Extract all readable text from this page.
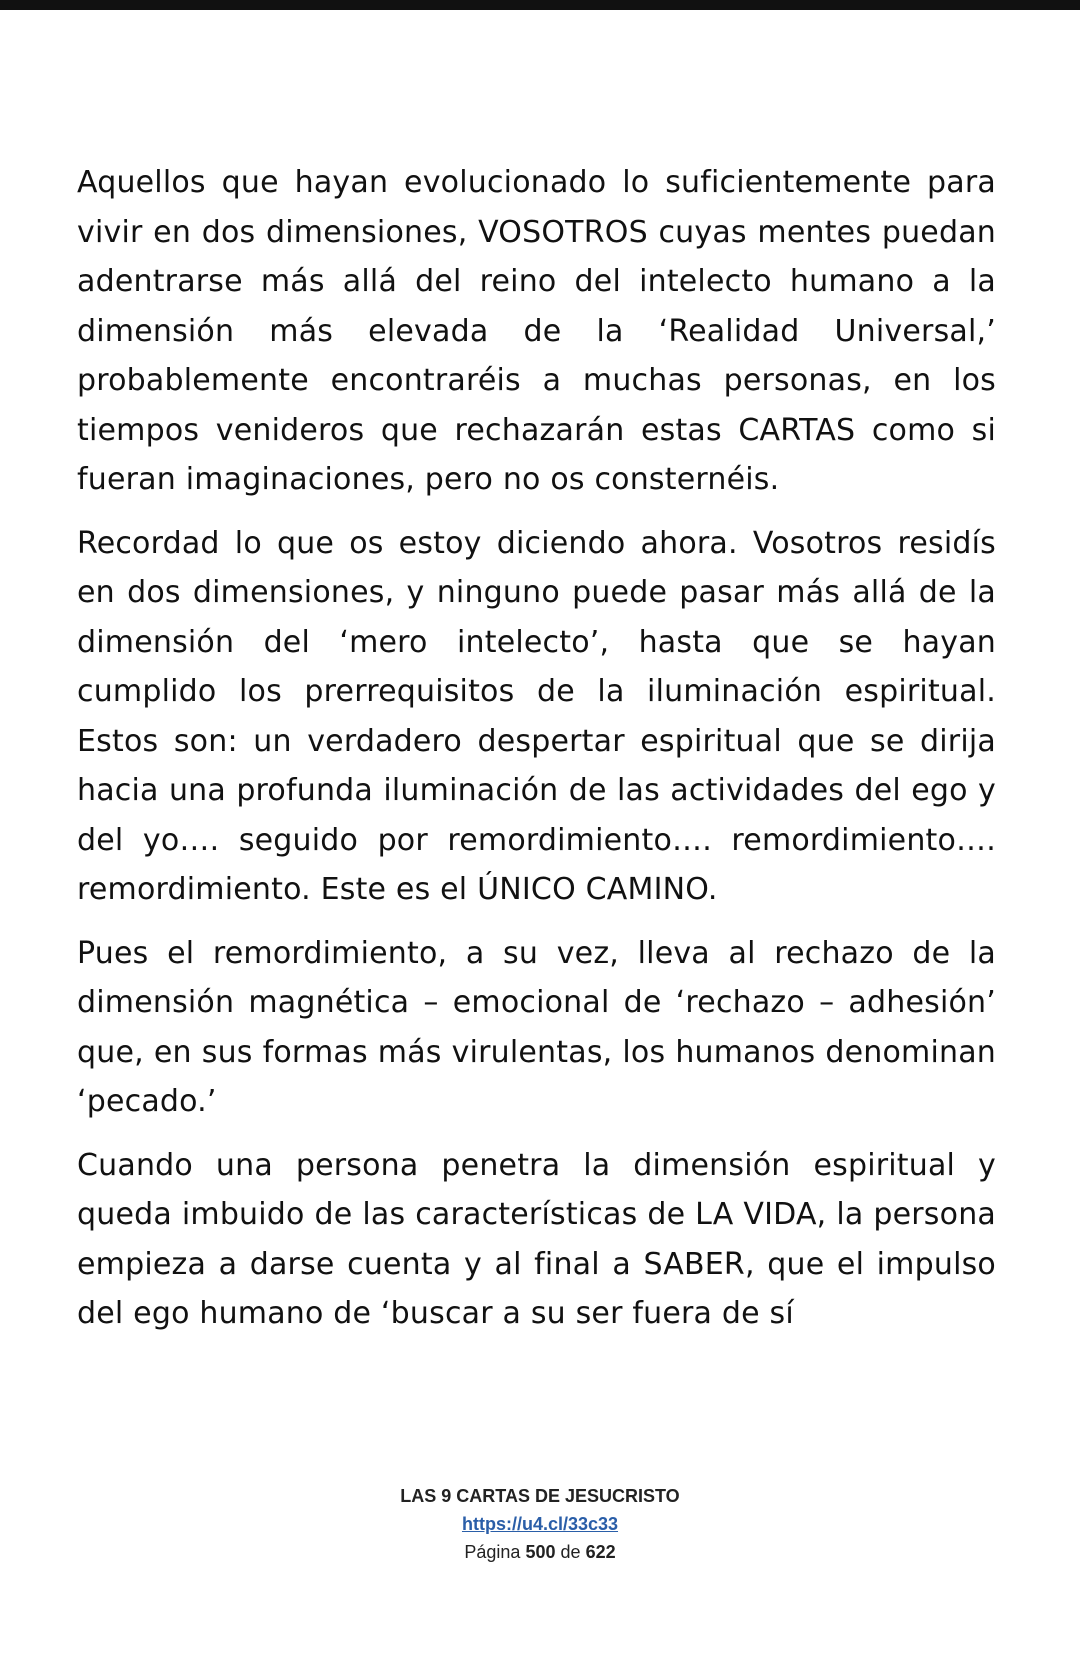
Aquellos que hayan evolucionado lo suficientemente para vivir en dos dimensiones, VOSOTROS cuyas mentes puedan adentrarse más allá del reino del intelecto humano a la dimensión más elevada de la ‘Realidad Universal,’ probablemente encontraréis a muchas personas, en los tiempos venideros que rechazarán estas CARTAS como si fueran imaginaciones, pero no os consternéis.

Recordad lo que os estoy diciendo ahora. Vosotros residís en dos dimensiones, y ninguno puede pasar más allá de la dimensión del ‘mero intelecto’, hasta que se hayan cumplido los prerrequisitos de la iluminación espiritual. Estos son: un verdadero despertar espiritual que se dirija hacia una profunda iluminación de las actividades del ego y del yo…. seguido por remordimiento…. remordimiento…. remordimiento. Este es el ÚNICO CAMINO.

Pues el remordimiento, a su vez, lleva al rechazo de la dimensión magnética – emocional de ‘rechazo – adhesión’ que, en sus formas más virulentas, los humanos denominan ‘pecado.’

Cuando una persona penetra la dimensión espiritual y queda imbuido de las características de LA VIDA, la persona empieza a darse cuenta y al final a SABER, que el impulso del ego humano de ‘buscar a su ser fuera de sí

LAS 9 CARTAS DE JESUCRISTO
https://u4.cl/33c33
Página 500 de 622
